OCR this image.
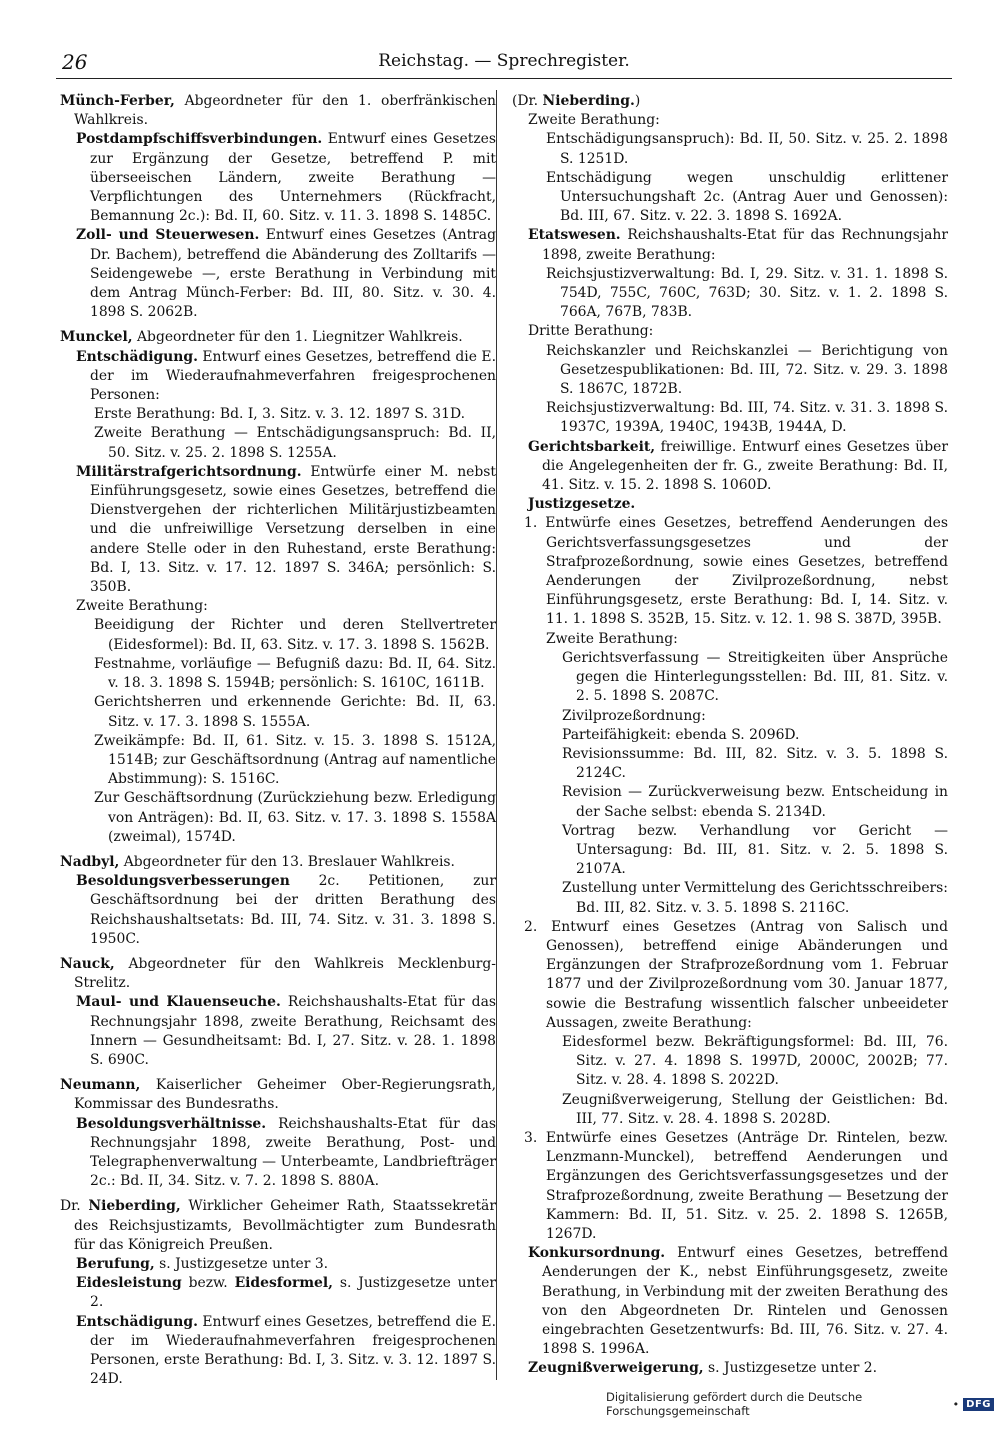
26	Reichstag. — Sprechregister.

Münch-Ferber, Abgeordneter für den 1. oberfränkischen Wahlkreis.

Postdampfschiffsverbindungen. Entwurf eines Gesetzes zur Ergänzung der Gesetze, betreffend P. mit überseeischen Ländern, zweite Berathung — Verpflichtungen des Unternehmers (Rückfracht, Bemannung 2c.): Bd. II, 60. Sitz. v. 11. 3. 1898 S. 1485C.

Zoll- und Steuerwesen. Entwurf eines Gesetzes (Antrag Dr. Bachem), betreffend die Abänderung des Zolltarifs — Seidengewebe —, erste Berathung in Verbindung mit dem Antrag Münch-Ferber: Bd. III, 80. Sitz. v. 30. 4. 1898 S. 2062B.

Munckel, Abgeordneter für den 1. Liegnitzer Wahlkreis.

Entschädigung. Entwurf eines Gesetzes, betreffend die E. der im Wiederaufnahmeverfahren freigesprochenen Personen:

Erste Berathung: Bd. I, 3. Sitz. v. 3. 12. 1897 S. 31D.

Zweite Berathung — Entschädigungsanspruch: Bd. II, 50. Sitz. v. 25. 2. 1898 S. 1255A.

Militärstrafgerichtsordnung. Entwürfe einer M. nebst Einführungsgesetz, sowie eines Gesetzes, betreffend die Dienstvergehen der richterlichen Militärjustizbeamten und die unfreiwillige Versetzung derselben in eine andere Stelle oder in den Ruhestand, erste Berathung: Bd. I, 13. Sitz. v. 17. 12. 1897 S. 346A; persönlich: S. 350B.

Zweite Berathung:

Beeidigung der Richter und deren Stellvertreter (Eidesformel): Bd. II, 63. Sitz. v. 17. 3. 1898 S. 1562B.

Festnahme, vorläufige — Befugniß dazu: Bd. II, 64. Sitz. v. 18. 3. 1898 S. 1594B; persönlich: S. 1610C, 1611B.

Gerichtsherren und erkennende Gerichte: Bd. II, 63. Sitz. v. 17. 3. 1898 S. 1555A.

Zweikämpfe: Bd. II, 61. Sitz. v. 15. 3. 1898 S. 1512A, 1514B; zur Geschäftsordnung (Antrag auf namentliche Abstimmung): S. 1516C.

Zur Geschäftsordnung (Zurückziehung bezw. Erledigung von Anträgen): Bd. II, 63. Sitz. v. 17. 3. 1898 S. 1558A (zweimal), 1574D.

Nadbyl, Abgeordneter für den 13. Breslauer Wahlkreis.

Besoldungsverbesserungen 2c. Petitionen, zur Geschäftsordnung bei der dritten Berathung des Reichshaushaltsetats: Bd. III, 74. Sitz. v. 31. 3. 1898 S. 1950C.

Nauck, Abgeordneter für den Wahlkreis Mecklenburg-Strelitz.

Maul- und Klauenseuche. Reichshaushalts-Etat für das Rechnungsjahr 1898, zweite Berathung, Reichsamt des Innern — Gesundheitsamt: Bd. I, 27. Sitz. v. 28. 1. 1898 S. 690C.

Neumann, Kaiserlicher Geheimer Ober-Regierungsrath, Kommissar des Bundesraths.

Besoldungsverhältnisse. Reichshaushalts-Etat für das Rechnungsjahr 1898, zweite Berathung, Post- und Telegraphenverwaltung — Unterbeamte, Landbriefträger 2c.: Bd. II, 34. Sitz. v. 7. 2. 1898 S. 880A.

Dr. Nieberding, Wirklicher Geheimer Rath, Staatssekretär des Reichsjustizamts, Bevollmächtigter zum Bundesrath für das Königreich Preußen.

Berufung, s. Justizgesetze unter 3.

Eidesleistung bezw. Eidesformel, s. Justizgesetze unter 2.

Entschädigung. Entwurf eines Gesetzes, betreffend die E. der im Wiederaufnahmeverfahren freigesprochenen Personen, erste Berathung: Bd. I, 3. Sitz. v. 3. 12. 1897 S. 24D.

(Dr. Nieberding.)

Zweite Berathung:

Entschädigungsanspruch): Bd. II, 50. Sitz. v. 25. 2. 1898 S. 1251D.

Entschädigung wegen unschuldig erlittener Untersuchungshaft 2c. (Antrag Auer und Genossen): Bd. III, 67. Sitz. v. 22. 3. 1898 S. 1692A.

Etatswesen. Reichshaushalts-Etat für das Rechnungsjahr 1898, zweite Berathung:

Reichsjustizverwaltung: Bd. I, 29. Sitz. v. 31. 1. 1898 S. 754D, 755C, 760C, 763D; 30. Sitz. v. 1. 2. 1898 S. 766A, 767B, 783B.

Dritte Berathung:

Reichskanzler und Reichskanzlei — Berichtigung von Gesetzespublikationen: Bd. III, 72. Sitz. v. 29. 3. 1898 S. 1867C, 1872B.

Reichsjustizverwaltung: Bd. III, 74. Sitz. v. 31. 3. 1898 S. 1937C, 1939A, 1940C, 1943B, 1944A, D.

Gerichtsbarkeit, freiwillige. Entwurf eines Gesetzes über die Angelegenheiten der fr. G., zweite Berathung: Bd. II, 41. Sitz. v. 15. 2. 1898 S. 1060D.

Justizgesetze.

1. Entwürfe eines Gesetzes, betreffend Aenderungen des Gerichtsverfassungsgesetzes und der Strafprozeßordnung, sowie eines Gesetzes, betreffend Aenderungen der Zivilprozeßordnung, nebst Einführungsgesetz, erste Berathung: Bd. I, 14. Sitz. v. 11. 1. 1898 S. 352B, 15. Sitz. v. 12. 1. 98 S. 387D, 395B.

Zweite Berathung:

Gerichtsverfassung — Streitigkeiten über Ansprüche gegen die Hinterlegungsstellen: Bd. III, 81. Sitz. v. 2. 5. 1898 S. 2087C.

Zivilprozeßordnung:

Parteifähigkeit: ebenda S. 2096D.

Revisionssumme: Bd. III, 82. Sitz. v. 3. 5. 1898 S. 2124C.

Revision — Zurückverweisung bezw. Entscheidung in der Sache selbst: ebenda S. 2134D.

Vortrag bezw. Verhandlung vor Gericht — Untersagung: Bd. III, 81. Sitz. v. 2. 5. 1898 S. 2107A.

Zustellung unter Vermittelung des Gerichtsschreibers: Bd. III, 82. Sitz. v. 3. 5. 1898 S. 2116C.

2. Entwurf eines Gesetzes (Antrag von Salisch und Genossen), betreffend einige Abänderungen und Ergänzungen der Strafprozeßordnung vom 1. Februar 1877 und der Zivilprozeßordnung vom 30. Januar 1877, sowie die Bestrafung wissentlich falscher unbeeideter Aussagen, zweite Berathung:

Eidesformel bezw. Bekräftigungsformel: Bd. III, 76. Sitz. v. 27. 4. 1898 S. 1997D, 2000C, 2002B; 77. Sitz. v. 28. 4. 1898 S. 2022D.

Zeugnißverweigerung, Stellung der Geistlichen: Bd. III, 77. Sitz. v. 28. 4. 1898 S. 2028D.

3. Entwürfe eines Gesetzes (Anträge Dr. Rintelen, bezw. Lenzmann-Munckel), betreffend Aenderungen und Ergänzungen des Gerichtsverfassungsgesetzes und der Strafprozeßordnung, zweite Berathung — Besetzung der Kammern: Bd. II, 51. Sitz. v. 25. 2. 1898 S. 1265B, 1267D.

Konkursordnung. Entwurf eines Gesetzes, betreffend Aenderungen der K., nebst Einführungsgesetz, zweite Berathung, in Verbindung mit der zweiten Berathung des von den Abgeordneten Dr. Rintelen und Genossen eingebrachten Gesetzentwurfs: Bd. III, 76. Sitz. v. 27. 4. 1898 S. 1996A.

Zeugnißverweigerung, s. Justizgesetze unter 2.

Digitalisierung gefördert durch die Deutsche Forschungsgemeinschaft	• DFG
